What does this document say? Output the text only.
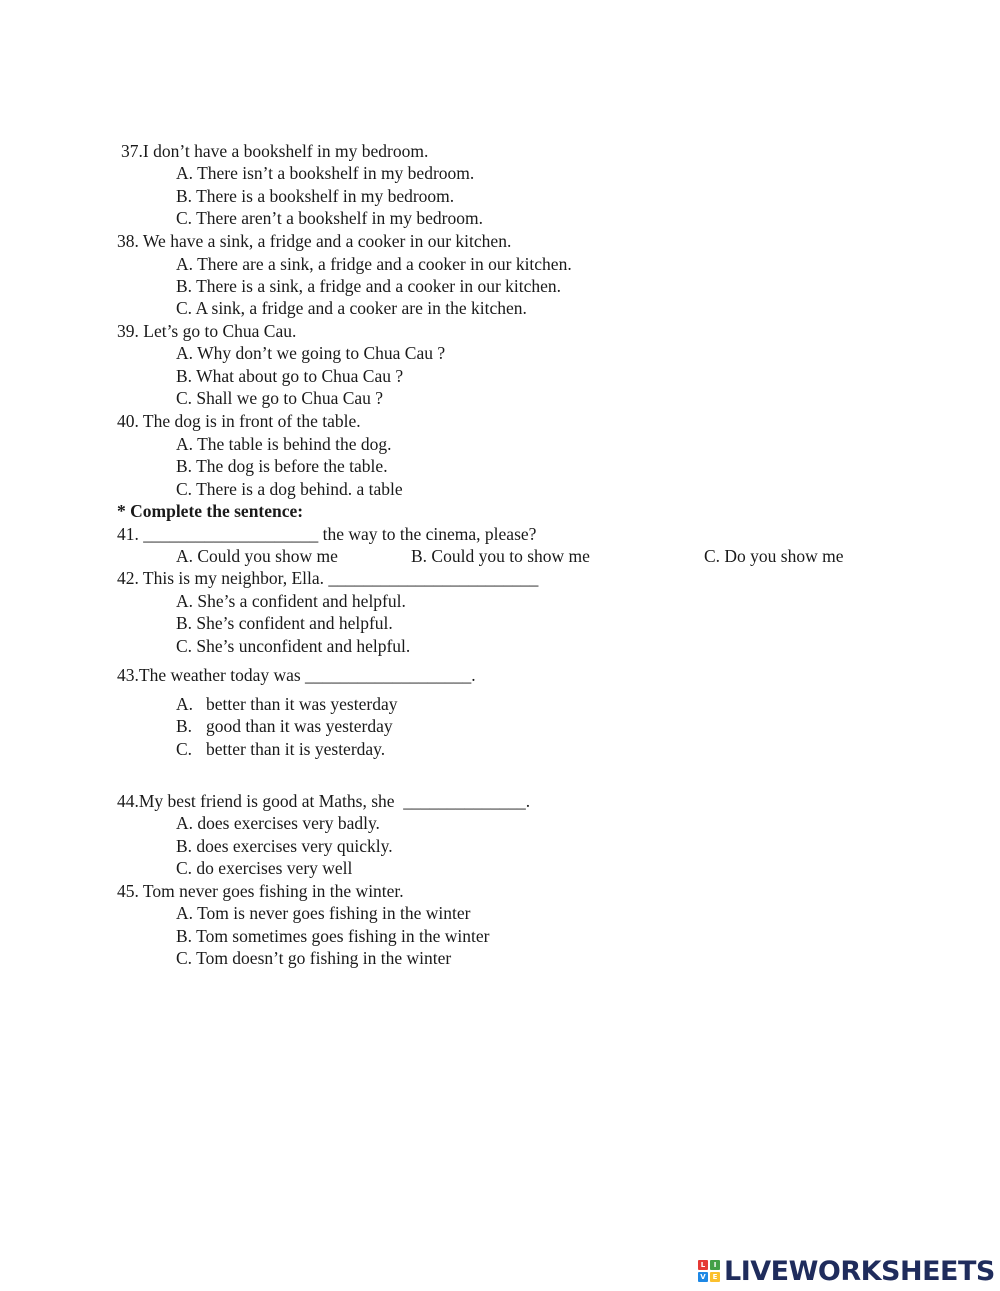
37.I don’t have a bookshelf in my bedroom.
A. There isn’t a bookshelf in my bedroom.
B. There is a bookshelf in my bedroom.
C. There aren’t a bookshelf in my bedroom.
38. We have a sink, a fridge and a cooker in our kitchen.
A. There are a sink, a fridge and a cooker in our kitchen.
B. There is a sink, a fridge and a cooker in our kitchen.
C. A sink, a fridge and a cooker are in the kitchen.
39. Let’s go to Chua Cau.
A. Why don’t we going to Chua Cau ?
B. What about go to Chua Cau ?
C. Shall we go to Chua Cau ?
40. The dog is in front of the table.
A. The table is behind the dog.
B. The dog is before the table.
C. There is a dog behind. a table
* Complete the sentence:
41. ____________________ the way to the cinema, please?
A. Could you show me	B. Could you to show me	C. Do you show me
42. This is my neighbor, Ella. ________________________
A. She’s a confident and helpful.
B. She’s confident and helpful.
C. She’s unconfident and helpful.
43.The weather today was ___________________.
A. better than it was yesterday
B. good than it was yesterday
C. better than it is yesterday.
44.My best friend is good at Maths, she  ______________.
A. does exercises very badly.
B. does exercises very quickly.
C. do exercises very well
45. Tom never goes fishing in the winter.
A. Tom is never goes fishing in the winter
B. Tom sometimes goes fishing in the winter
C. Tom doesn’t go fishing in the winter
L	I
V E LIVEWORKSHEETS
